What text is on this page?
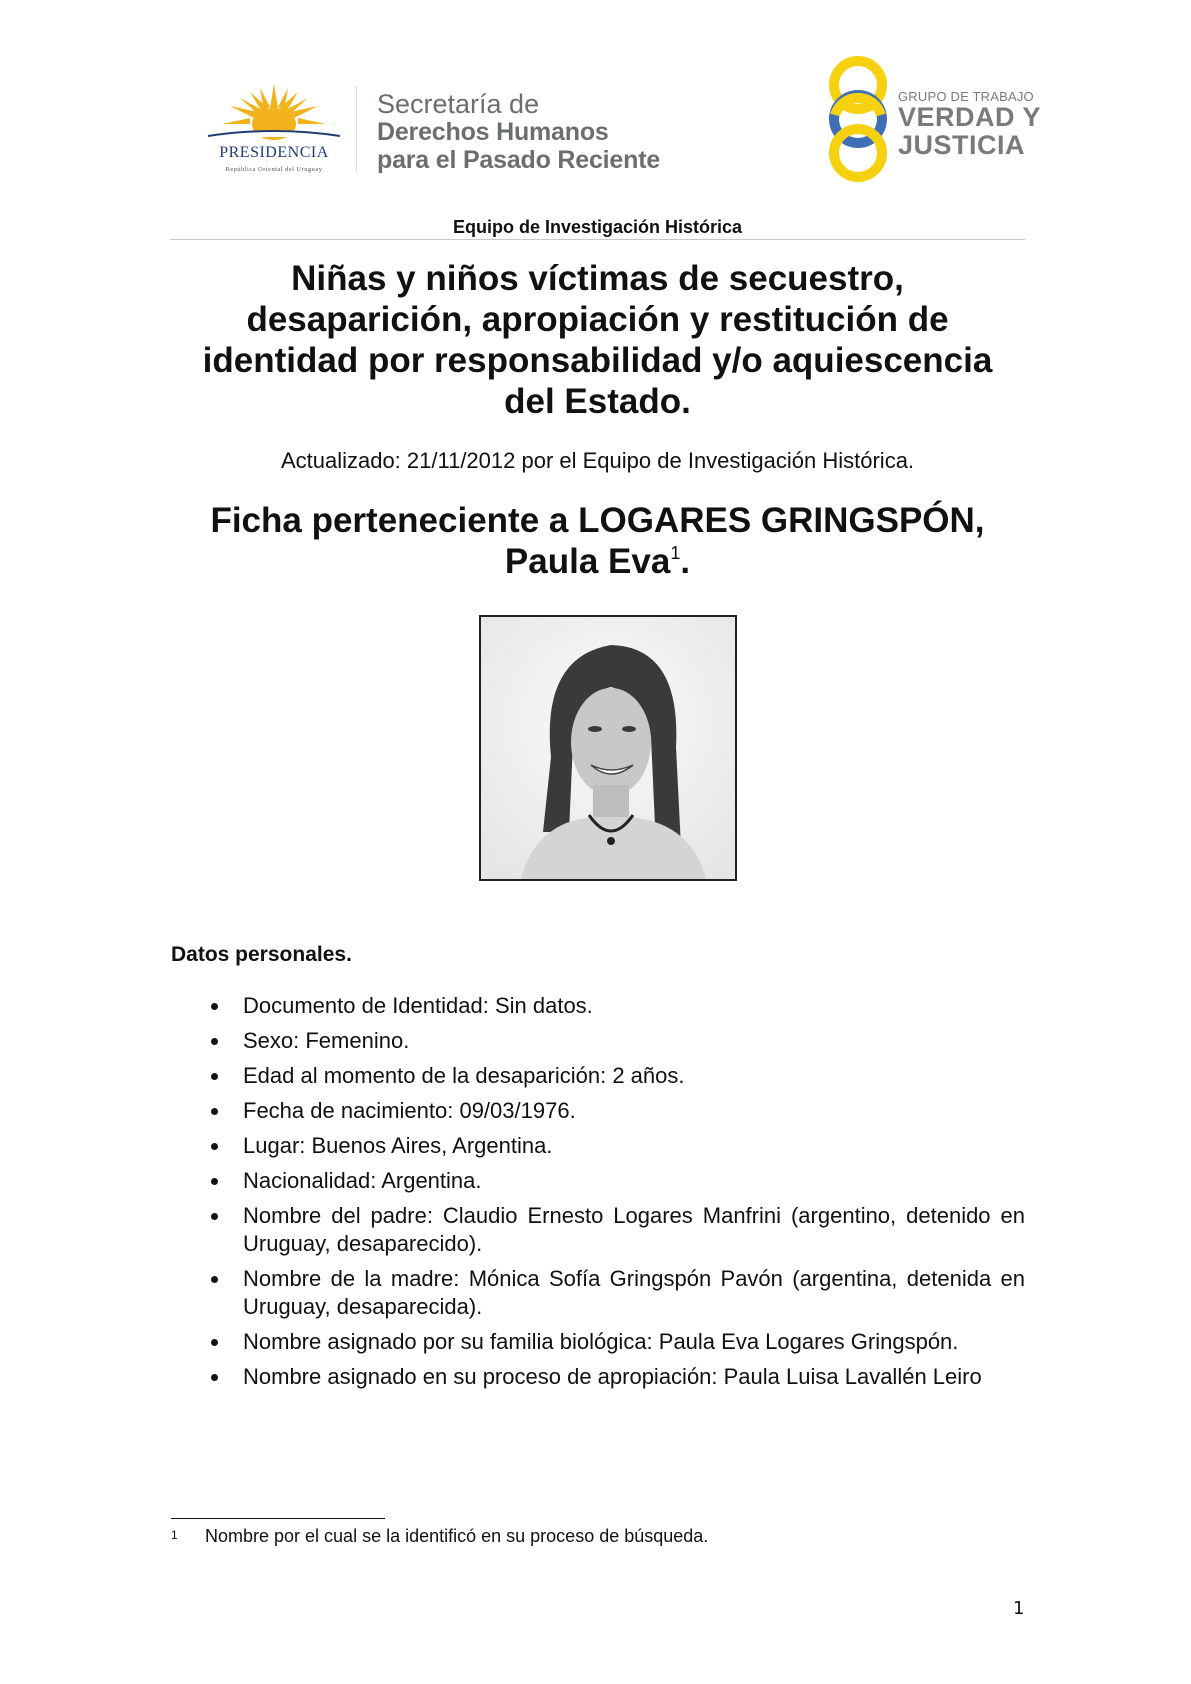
PRESIDENCIA
República Oriental del Uruguay
Secretaría de
Derechos Humanos
para el Pasado Reciente
GRUPO DE TRABAJO
VERDAD Y
JUSTICIA
Equipo de Investigación Histórica
Niñas y niños víctimas de secuestro,
desaparición, apropiación y restitución de
identidad por responsabilidad y/o aquiescencia
del Estado.
Actualizado: 21/11/2012 por el Equipo de Investigación Histórica.
Ficha perteneciente a LOGARES GRINGSPÓN,
Paula Eva$^1$.
Datos personales.
Documento de Identidad: Sin datos.
Sexo: Femenino.
Edad al momento de la desaparición: 2 años.
Fecha de nacimiento: 09/03/1976.
Lugar: Buenos Aires, Argentina.
Nacionalidad: Argentina.
Nombre del padre: Claudio Ernesto Logares Manfrini (argentino, detenido en Uruguay, desaparecido).
Nombre de la madre: Mónica Sofía Gringspón Pavón (argentina, detenida en Uruguay, desaparecida).
Nombre asignado por su familia biológica: Paula Eva Logares Gringspón.
Nombre asignado en su proceso de apropiación: Paula Luisa Lavallén Leiro
1 Nombre por el cual se la identificó en su proceso de búsqueda.
1
